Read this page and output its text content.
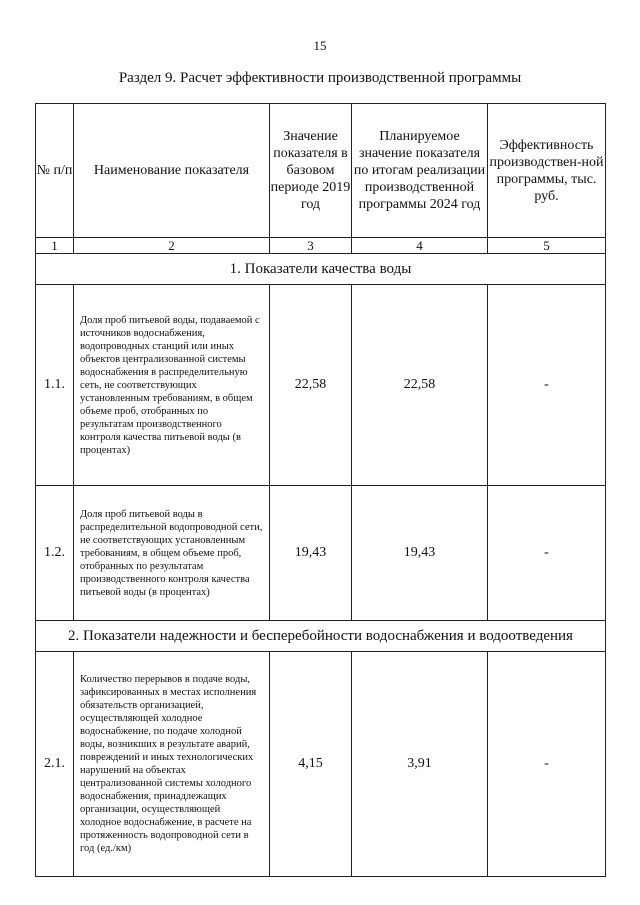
15
Раздел 9. Расчет эффективности производственной программы
№ п/п	Наименование показателя	Значение показателя в базовом периоде 2019 год	Планируемое значение показателя по итогам реализации производственной программы 2024 год	Эффективность производствен-ной программы, тыс. руб.
1	2	3	4	5
1. Показатели качества воды				
1.1.	Доля проб питьевой воды, подаваемой с источников водоснабжения, водопроводных станций или иных объектов централизованной системы водоснабжения в распределительную сеть, не соответствующих установленным требованиям, в общем объеме проб, отобранных по результатам производственного контроля качества питьевой воды (в процентах)	22,58	22,58	-
1.2.	Доля проб питьевой воды в распределительной водопроводной сети, не соответствующих установленным требованиям, в общем объеме проб, отобранных по результатам производственного контроля качества питьевой воды (в процентах)	19,43	19,43	-
2. Показатели надежности и бесперебойности водоснабжения и водоотведения				
2.1.	Количество перерывов в подаче воды, зафиксированных в местах исполнения обязательств организацией, осуществляющей холодное водоснабжение, по подаче холодной воды, возникших в результате аварий, повреждений и иных технологических нарушений на объектах централизованной системы холодного водоснабжения, принадлежащих организации, осуществляющей холодное водоснабжение, в расчете на протяженность водопроводной сети в год (ед./км)	4,15	3,91	-
